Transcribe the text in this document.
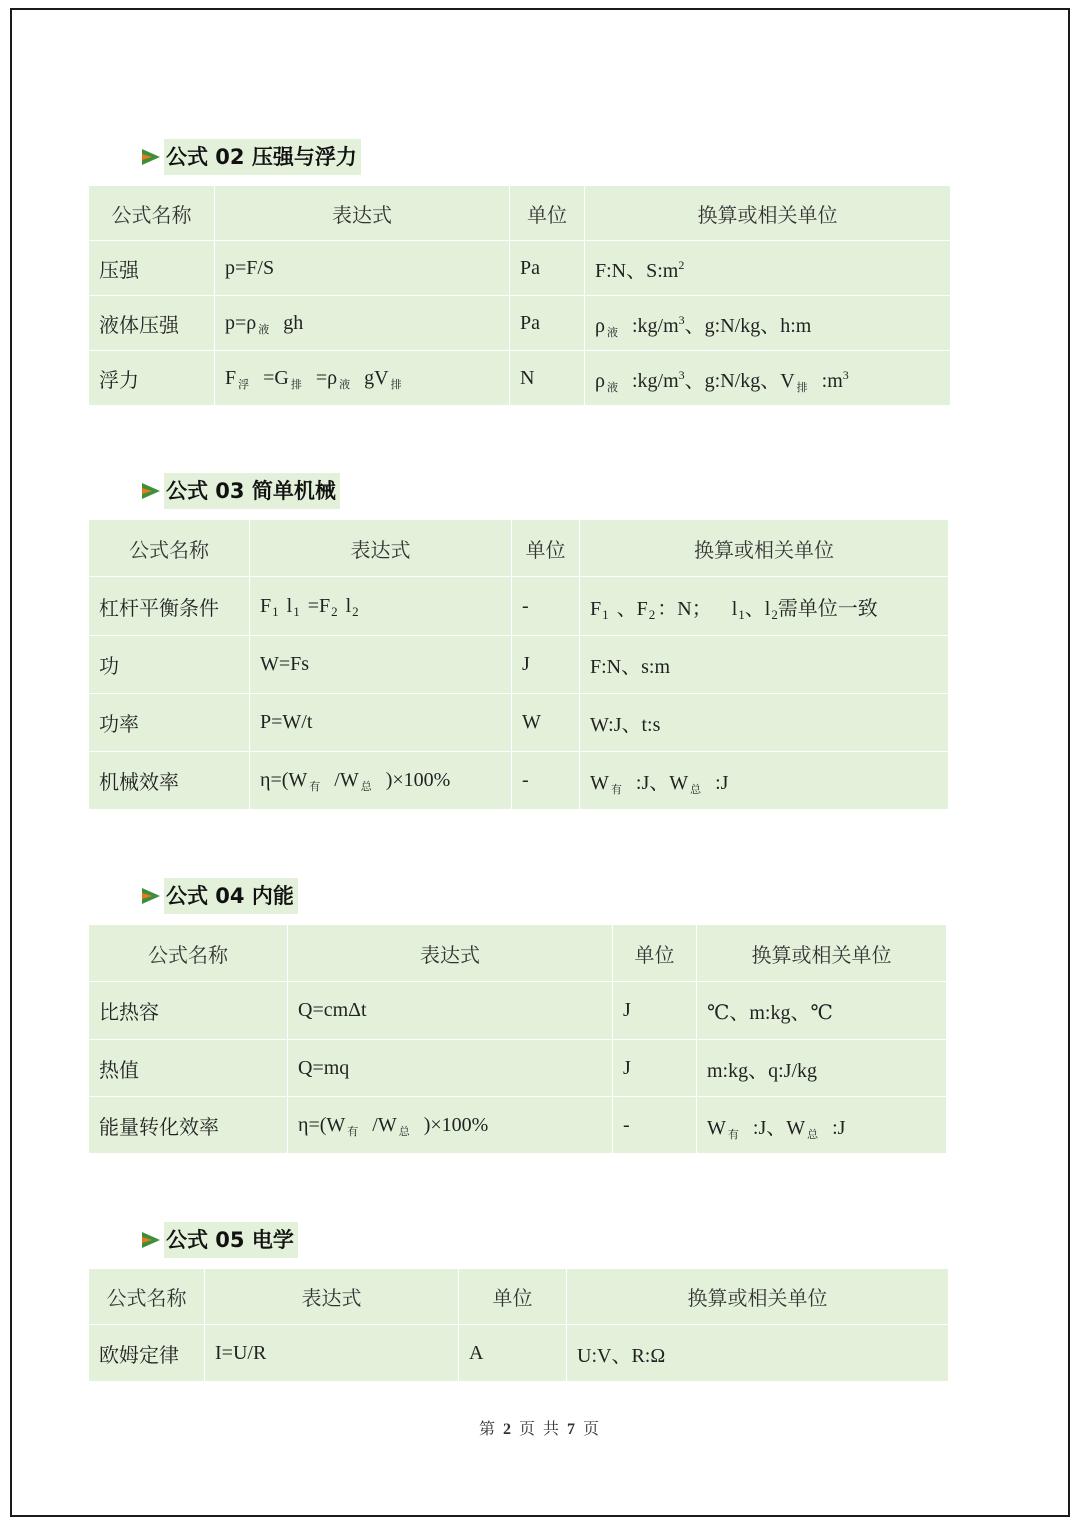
公式 02 压强与浮力
公式名称	表达式	单位	换算或相关单位
压强	p=F/S	Pa	F:N、$S:m^2$
液体压强	p=ρ $_液$ gh	Pa	ρ $_液$ $:kg/m^3$、g:N/kg、h:m
浮力	F $_浮$ =G $_排$ =ρ $_液$ gV $_排$	N	ρ $_液$ $:kg/m^3$、g:N/kg、V $_排$ $:m^3$
公式 03 简单机械
公式名称	表达式	单位	换算或相关单位
杠杆平衡条件	$F_1$ $l_1 =F_2$ $l_2$	-	$F_1$ 、$F_2$ ：N；    $l_1$、$l_2$需单位一致
功	W=Fs	J	F:N、s:m
功率	P=W/t	W	W:J、t:s
机械效率	η=(W $_有$ /W $_总$ )×100%	-	W $_有$ :J、W $_总$ :J
公式 04 内能
公式名称	表达式	单位	换算或相关单位
比热容	Q=cmΔt	J	℃、m:kg、℃
热值	Q=mq	J	m:kg、q:J/kg
能量转化效率	η=(W $_有$ /W $_总$ )×100%	-	W $_有$ :J、W $_总$ :J
公式 05 电学
公式名称	表达式	单位	换算或相关单位
欧姆定律	I=U/R	A	U:V、R:Ω
第 2 页 共 7 页
